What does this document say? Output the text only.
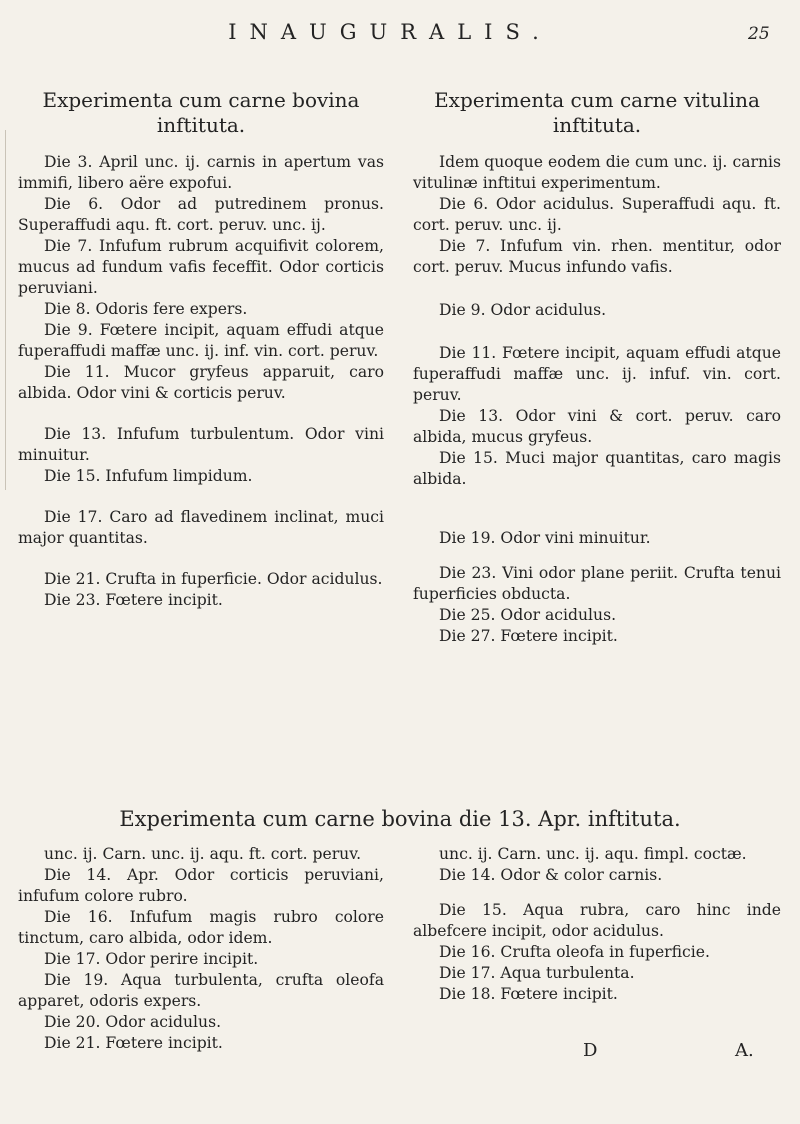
INAUGURALIS.	25
Experimenta cum carne bovina
inftituta.
Die 3. April unc. ij. carnis in apertum vas immifi, libero aëre expofui.
Die 6. Odor ad putredinem pronus. Superaffudi aqu. ft. cort. peruv. unc. ij.
Die 7. Infufum rubrum acquifivit colorem, mucus ad fundum vafis feceffit. Odor corticis peruviani.
Die 8. Odoris fere expers.
Die 9. Fœtere incipit, aquam effudi atque fuperaffudi maffæ unc. ij. inf. vin. cort. peruv.
Die 11. Mucor gryfeus apparuit, caro albida. Odor vini & corticis peruv.
Die 13. Infufum turbulentum. Odor vini minuitur.
Die 15. Infufum limpidum.
Die 17. Caro ad flavedinem inclinat, muci major quantitas.
Die 21. Crufta in fuperficie. Odor acidulus.
Die 23. Fœtere incipit.
Experimenta cum carne vitulina
inftituta.
Idem quoque eodem die cum unc. ij. carnis vitulinæ inftitui experimentum.
Die 6. Odor acidulus. Superaffudi aqu. ft. cort. peruv. unc. ij.
Die 7. Infufum vin. rhen. mentitur, odor cort. peruv. Mucus infundo vafis.
Die 9. Odor acidulus.
Die 11. Fœtere incipit, aquam effudi atque fuperaffudi maffæ unc. ij. infuf. vin. cort. peruv.
Die 13. Odor vini & cort. peruv. caro albida, mucus gryfeus.
Die 15. Muci major quantitas, caro magis albida.
Die 19. Odor vini minuitur.
Die 23. Vini odor plane periit. Crufta tenui fuperficies obducta.
Die 25. Odor acidulus.
Die 27. Fœtere incipit.
Experimenta cum carne bovina die 13. Apr. inftituta.
unc. ij. Carn. unc. ij. aqu. ft. cort. peruv.
Die 14. Apr. Odor corticis peruviani, infufum colore rubro.
Die 16. Infufum magis rubro colore tinctum, caro albida, odor idem.
Die 17. Odor perire incipit.
Die 19. Aqua turbulenta, crufta oleofa apparet, odoris expers.
Die 20. Odor acidulus.
Die 21. Fœtere incipit.
unc. ij. Carn. unc. ij. aqu. fimpl. coctæ.
Die 14. Odor & color carnis.
Die 15. Aqua rubra, caro hinc inde albefcere incipit, odor acidulus.
Die 16. Crufta oleofa in fuperficie.
Die 17. Aqua turbulenta.
Die 18. Fœtere incipit.
D	A.
